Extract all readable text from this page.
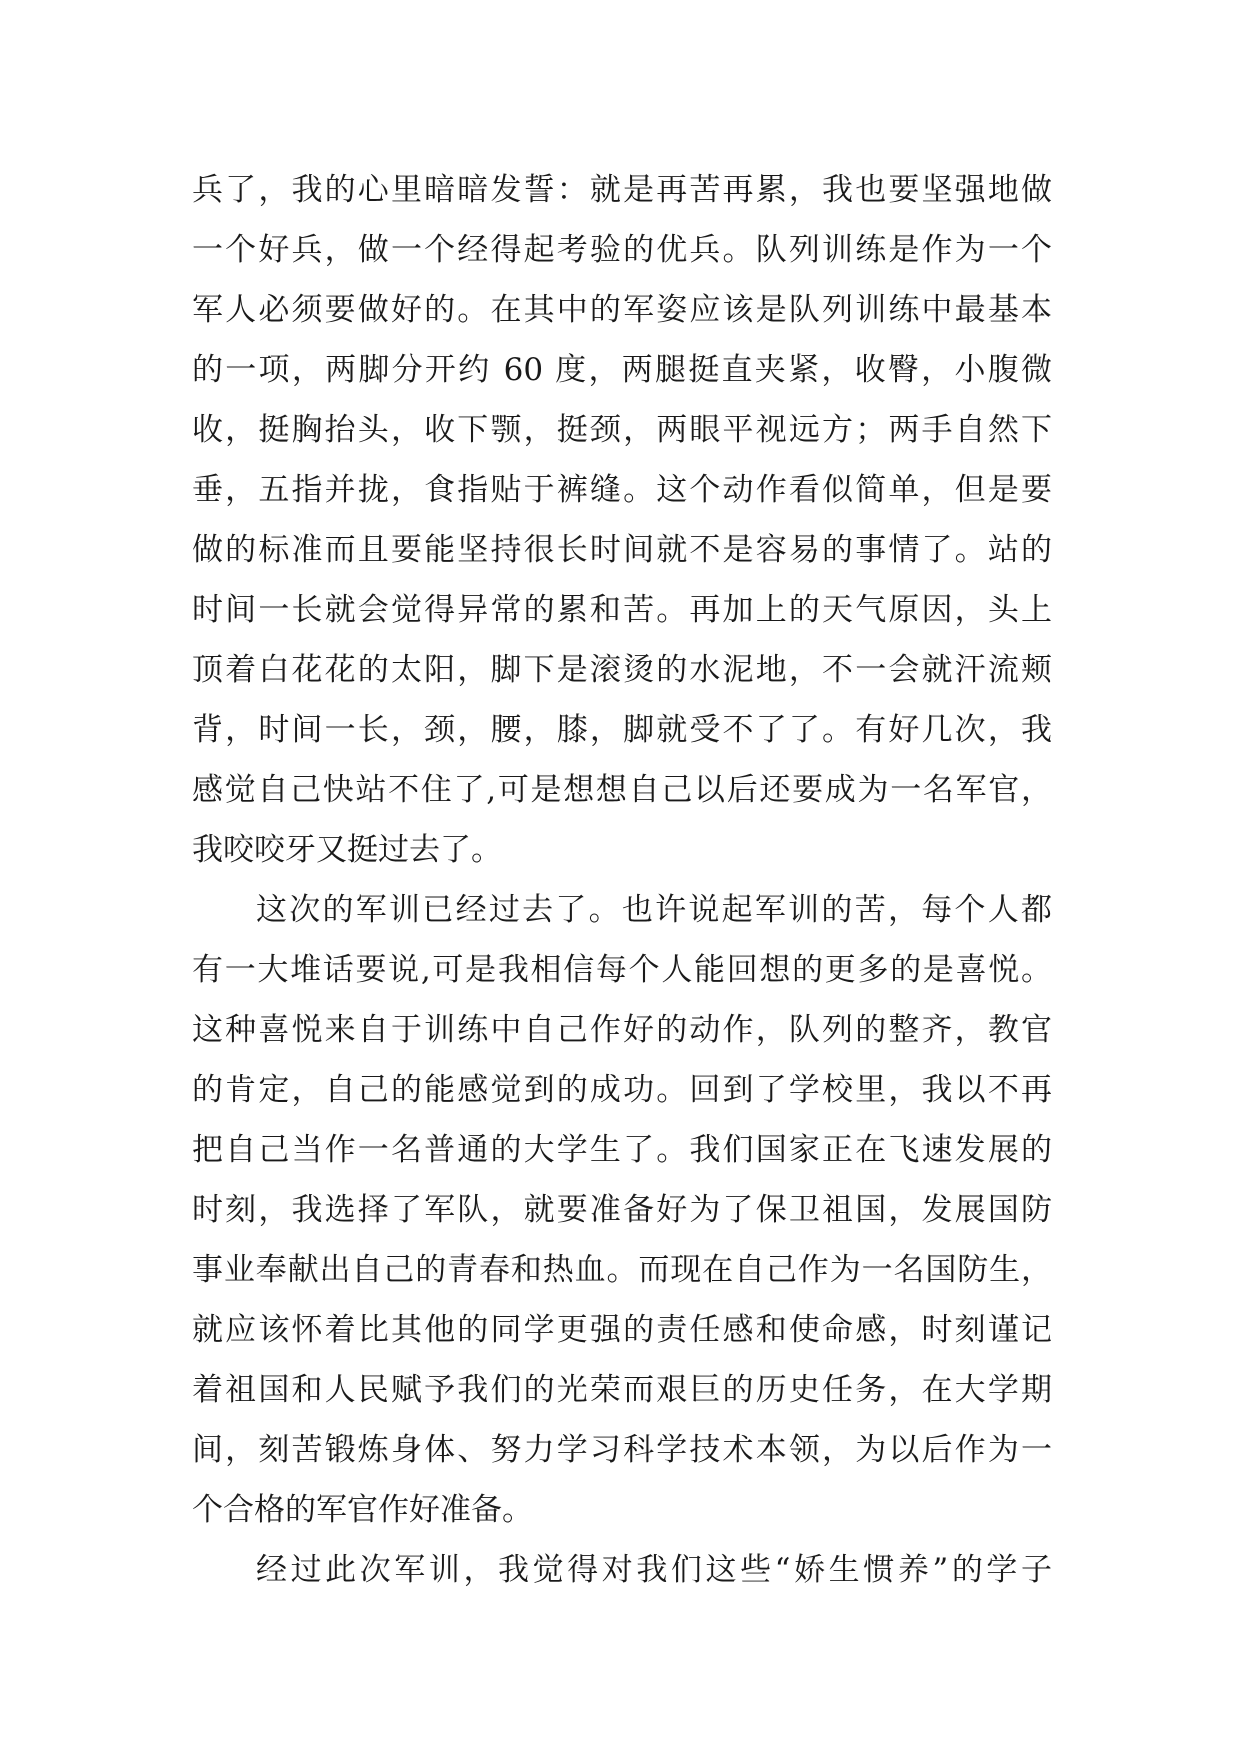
兵了，我的心里暗暗发誓：就是再苦再累，我也要坚强地做
一个好兵，做一个经得起考验的优兵。队列训练是作为一个
军人必须要做好的。在其中的军姿应该是队列训练中最基本
的一项，两脚分开约 60 度，两腿挺直夹紧，收臀，小腹微
收，挺胸抬头，收下颚，挺颈，两眼平视远方；两手自然下
垂，五指并拢，食指贴于裤缝。这个动作看似简单，但是要
做的标准而且要能坚持很长时间就不是容易的事情了。站的
时间一长就会觉得异常的累和苦。再加上的天气原因，头上
顶着白花花的太阳，脚下是滚烫的水泥地，不一会就汗流颊
背，时间一长，颈，腰，膝，脚就受不了了。有好几次，我
感觉自己快站不住了,可是想想自己以后还要成为一名军官，
我咬咬牙又挺过去了。
这次的军训已经过去了。也许说起军训的苦，每个人都
有一大堆话要说,可是我相信每个人能回想的更多的是喜悦。
这种喜悦来自于训练中自己作好的动作，队列的整齐，教官
的肯定，自己的能感觉到的成功。回到了学校里，我以不再
把自己当作一名普通的大学生了。我们国家正在飞速发展的
时刻，我选择了军队，就要准备好为了保卫祖国，发展国防
事业奉献出自己的青春和热血。而现在自己作为一名国防生，
就应该怀着比其他的同学更强的责任感和使命感，时刻谨记
着祖国和人民赋予我们的光荣而艰巨的历史任务，在大学期
间，刻苦锻炼身体、努力学习科学技术本领，为以后作为一
个合格的军官作好准备。
经过此次军训，我觉得对我们这些“娇生惯养”的学子
